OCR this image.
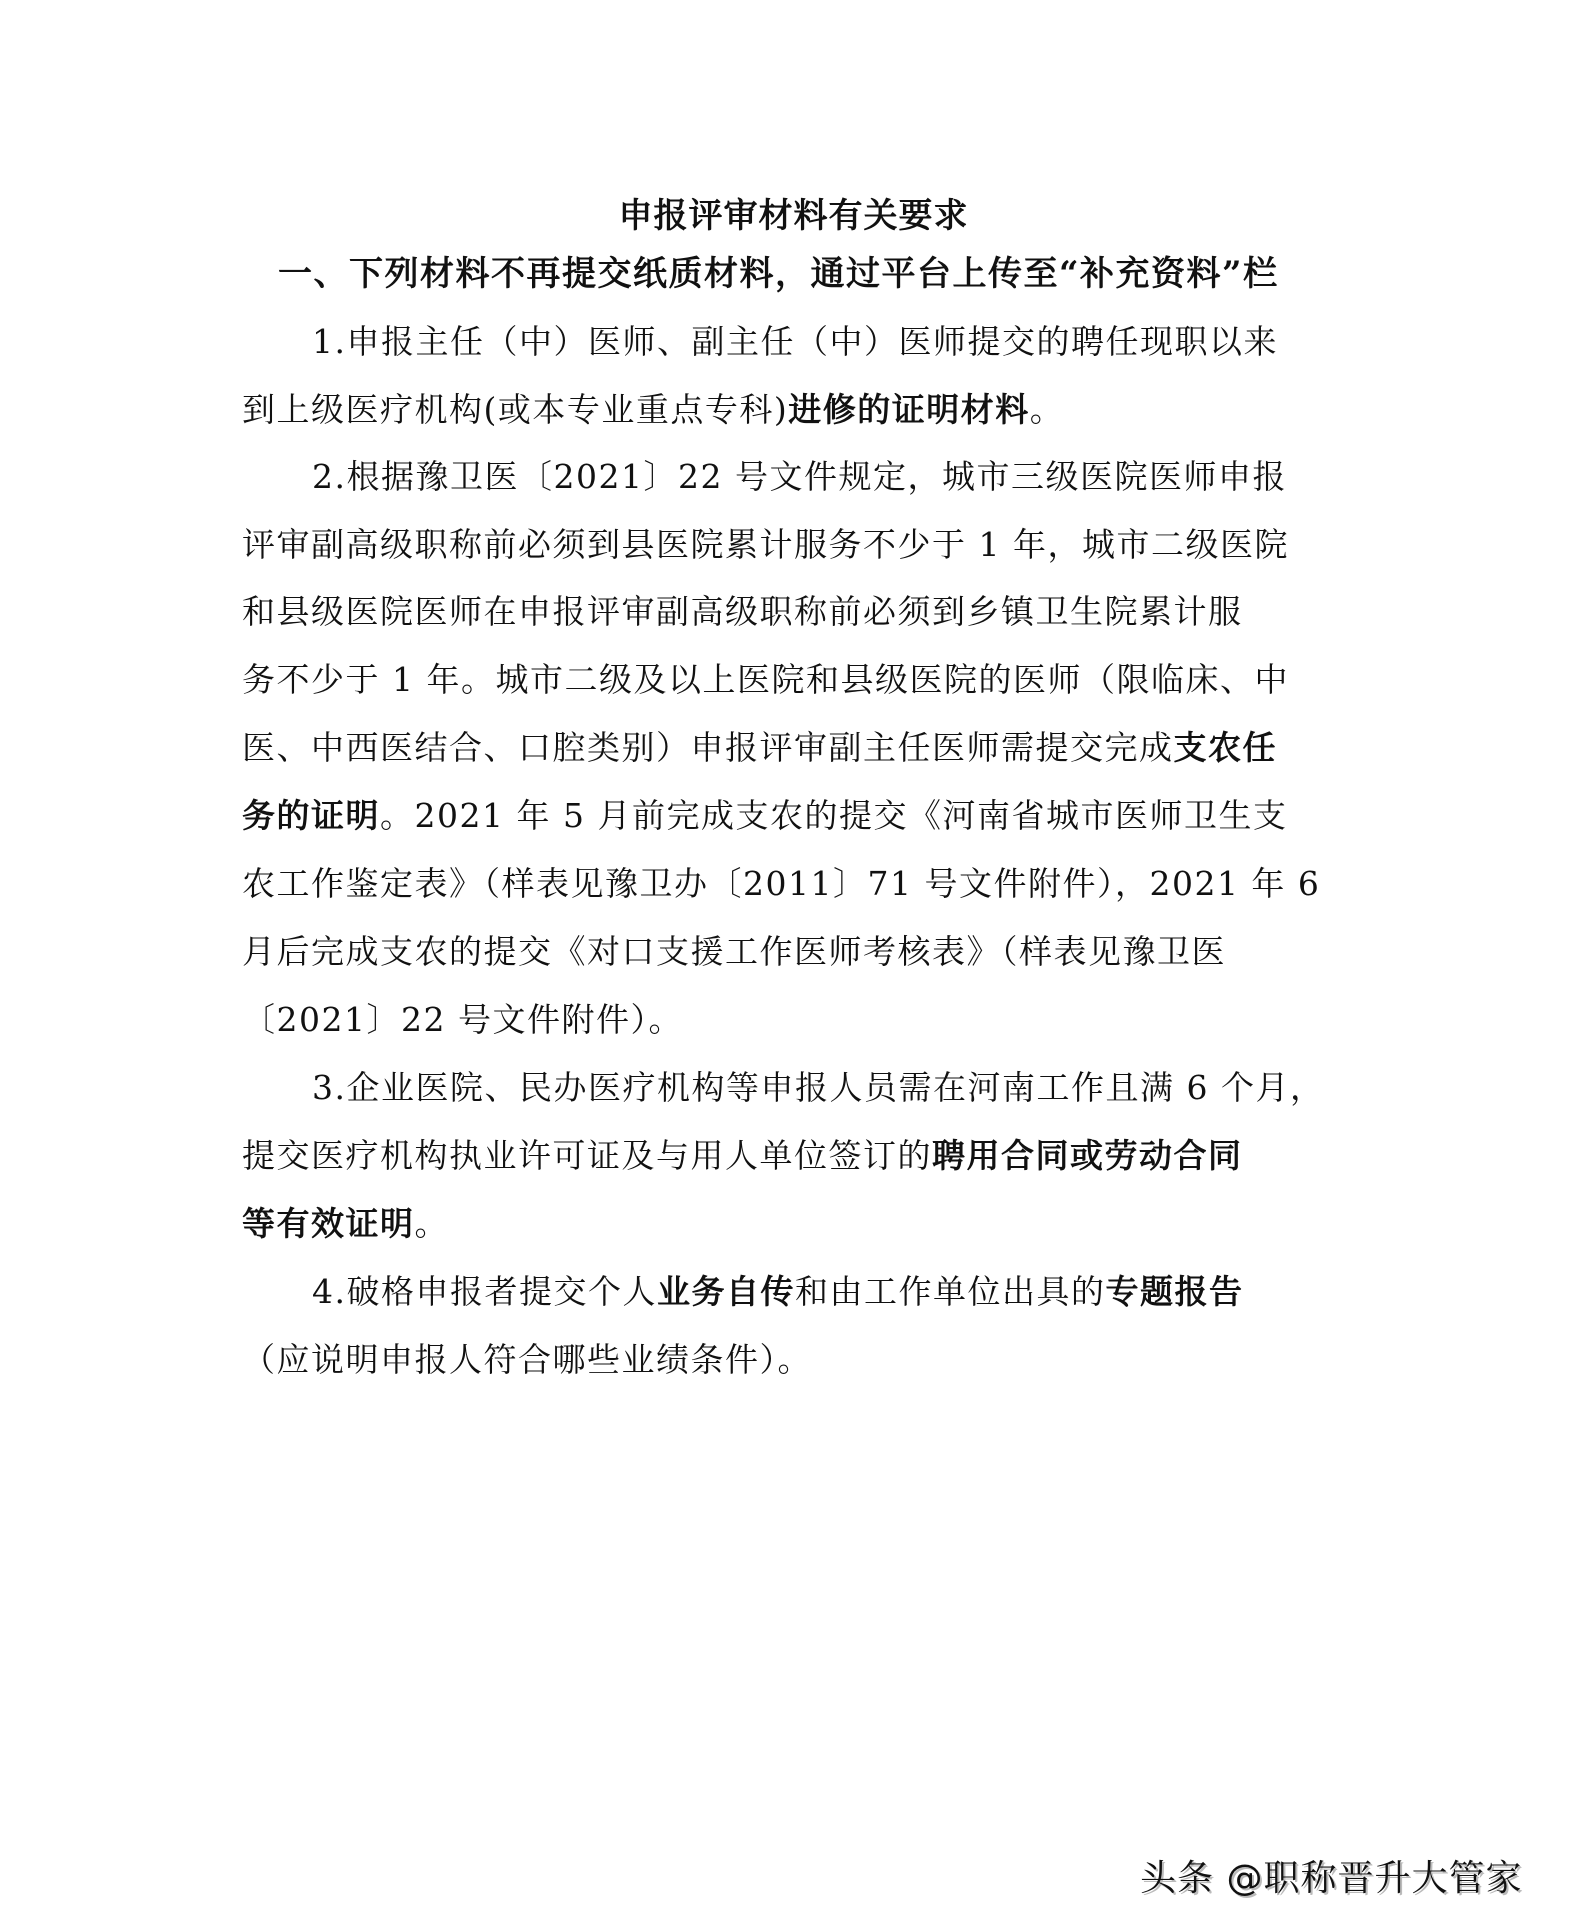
申报评审材料有关要求
一、下列材料不再提交纸质材料，通过平台上传至“补充资料”栏
1.申报主任（中）医师、副主任（中）医师提交的聘任现职以来
到上级医疗机构(或本专业重点专科)进修的证明材料。
2.根据豫卫医〔2021〕22 号文件规定，城市三级医院医师申报
评审副高级职称前必须到县医院累计服务不少于 1 年，城市二级医院
和县级医院医师在申报评审副高级职称前必须到乡镇卫生院累计服
务不少于 1 年。城市二级及以上医院和县级医院的医师（限临床、中
医、中西医结合、口腔类别）申报评审副主任医师需提交完成支农任
务的证明。2021 年 5 月前完成支农的提交《河南省城市医师卫生支
农工作鉴定表》（样表见豫卫办〔2011〕71 号文件附件），2021 年 6
月后完成支农的提交《对口支援工作医师考核表》（样表见豫卫医
〔2021〕22 号文件附件）。
3.企业医院、民办医疗机构等申报人员需在河南工作且满 6 个月，
提交医疗机构执业许可证及与用人单位签订的聘用合同或劳动合同
等有效证明。
4.破格申报者提交个人业务自传和由工作单位出具的专题报告
（应说明申报人符合哪些业绩条件）。
头条 @职称晋升大管家
